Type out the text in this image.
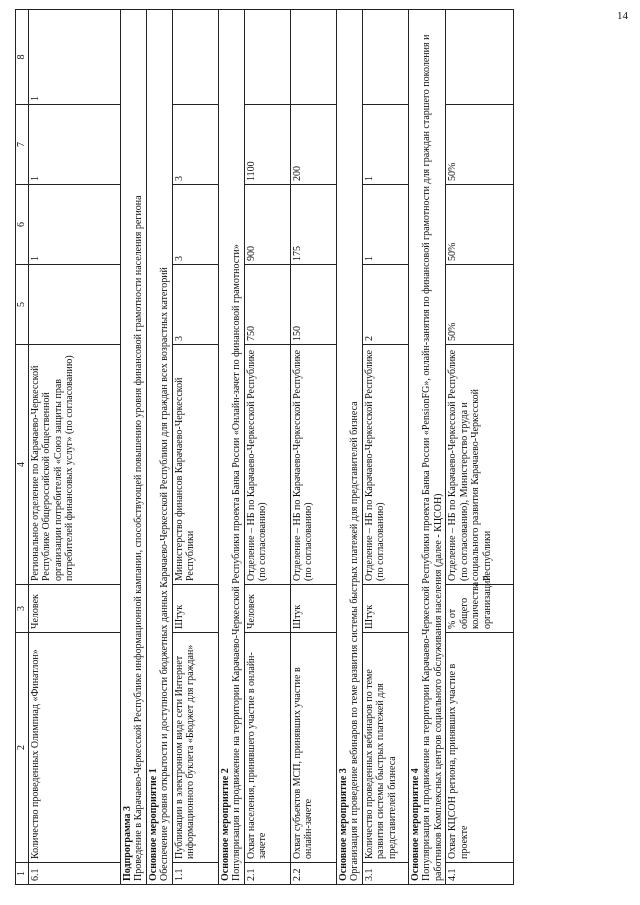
14
1	2	3	4	5	6	7	8
6.1	Количество проведенных Олимпиад «Финатлон»	Человек	Региональное отделение по Карачаево-Черкесской Республике Общероссийской общественной организации потребителей «Союз защиты прав потребителей финансовых услуг» (по согласованию)		1	1	1

Подпрограмма 3 Проведение в Карачаево-Черкесской Республике информационной кампании, способствующей повышению уровня финансовой грамотности населения региона							

Основное мероприятие 1 Обеспечение уровня открытости и доступности бюджетных данных Карачаево-Черкесской Республики для граждан всех возрастных категорий							

1.1	Публикации в электронном виде сети Интернет информационного буклета «Бюджет для граждан»	Штук	Министерство финансов Карачаево-Черкесской Республики	3	3	3	

Основное мероприятие 2 Популяризация и продвижение на территории Карачаево-Черкесской Республики проекта Банка России «Онлайн-зачет по финансовой грамотности»							

2.1	Охват населения, принявшего участие в онлайн-зачете	Человек	Отделение – НБ по Карачаево-Черкесской Республике (по согласованию)	750	900	1100	
2.2	Охват субъектов МСП, принявших участие в онлайн-зачете	Штук	Отделение – НБ по Карачаево-Черкесской Республике (по согласованию)	150	175	200	

Основное мероприятие 3 Организация и проведение вебинаров по теме развития системы быстрых платежей для представителей бизнеса							

3.1	Количество проведенных вебинаров по теме развития системы быстрых платежей для представителей бизнеса	Штук	Отделение – НБ по Карачаево-Черкесской Республике (по согласованию)	2	1	1	

Основное мероприятие 4 Популяризация и продвижение на территории Карачаево-Черкесской Республики проекта Банка России «PensionFG», онлайн-занятия по финансовой грамотности для граждан старшего поколения и работников Комплексных центров социального обслуживания населения (далее - КЦСОН)							

4.1	Охват КЦСОН региона, принявших участие в проекте	% от общего количества организаций	Отделение – НБ по Карачаево-Черкесской Республике (по согласованию), Министерство труда и социального развития Карачаево-Черкесской Республики	50%	50%	50%	
